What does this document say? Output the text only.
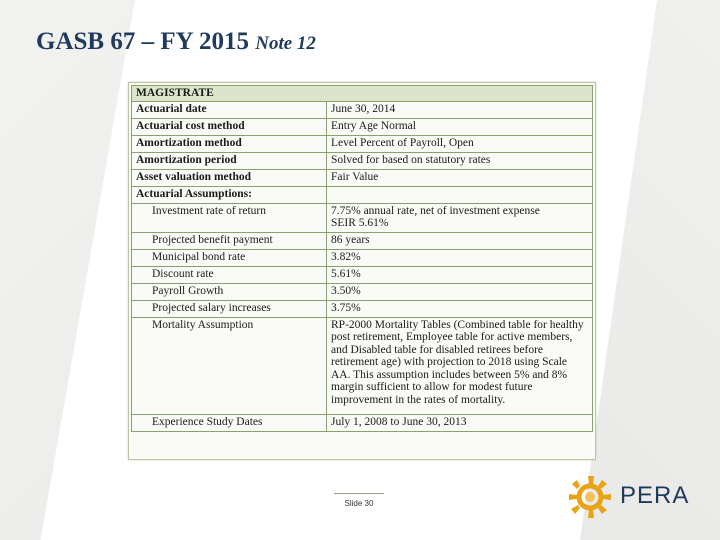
GASB 67 – FY 2015 Note 12
MAGISTRATE	
Actuarial date	June 30, 2014
Actuarial cost method	Entry Age Normal
Amortization method	Level Percent of Payroll, Open
Amortization period	Solved for based on statutory rates
Asset valuation method	Fair Value
Actuarial Assumptions:	
Investment rate of return	7.75% annual rate, net of investment expense
SEIR 5.61%

Projected benefit payment	86 years
Municipal bond rate	3.82%
Discount rate	5.61%
Payroll Growth	3.50%
Projected salary increases	3.75%
Mortality Assumption	RP-2000 Mortality Tables (Combined table for healthy post retirement, Employee table for active members, and Disabled table for disabled retirees before retirement age) with projection to 2018 using Scale AA. This assumption includes between 5% and 8% margin sufficient to allow for modest future improvement in the rates of mortality.
Experience Study Dates	July 1, 2008 to June 30, 2013
Slide 30	PERA
